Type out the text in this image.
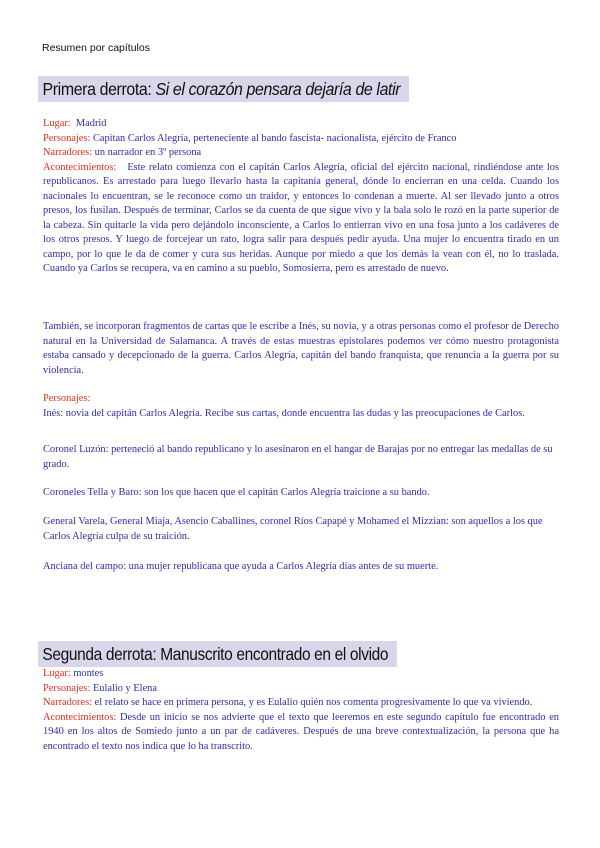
Resumen por capítulos
Primera derrota: Si el corazón pensara dejaría de latir

Lugar: Madrid

Personajes: Capitan Carlos Alegría, perteneciente al bando fascista- nacionalista, ejército de Franco

Narradores: un narrador en 3º persona

Acontecimientos: Este relato comienza con el capitán Carlos Alegría, oficial del ejército nacional, rindiéndose ante los republicanos. Es arrestado para luego llevarlo hasta la capitanía general, dónde lo encierran en una celda. Cuando los nacionales lo encuentran, se le reconoce como un traidor, y entonces lo condenan a muerte. Al ser llevado junto a otros presos, los fusilan. Después de terminar, Carlos se da cuenta de que sigue vivo y la bala solo le rozó en la parte superior de la cabeza. Sin quitarle la vida pero dejándolo inconsciente, a Carlos lo entierran vivo en una fosa junto a los cadáveres de los otros presos. Y luego de forcejear un rato, logra salir para después pedir ayuda. Una mujer lo encuentra tirado en un campo, por lo que le da de comer y cura sus heridas. Aunque por miedo a que los demás la vean con él, no lo traslada. Cuando ya Carlos se recupera, va en camino a su pueblo, Somosierra, pero es arrestado de nuevo.

También, se incorporan fragmentos de cartas que le escribe a Inés, su novia, y a otras personas como el profesor de Derecho natural en la Universidad de Salamanca. A través de estas muestras epistolares podemos ver cómo nuestro protagonista estaba cansado y decepcionado de la guerra. Carlos Alegría, capitán del bando franquista, que renuncia a la guerra por su violencia.

Personajes:

Inés: novia del capitán Carlos Alegría. Recibe sus cartas, donde encuentra las dudas y las preocupaciones de Carlos.

Coronel Luzón: perteneció al bando republicano y lo asesinaron en el hangar de Barajas por no entregar las medallas de su grado.
Coroneles Tella y Baro: son los que hacen que el capitán Carlos Alegría traicione a su bando.
General Varela, General Miaja, Asencio Caballines, coronel Ríos Capapé y Mohamed el Mizzian: son aquellos a los que Carlos Alegría culpa de su traición.
Anciana del campo: una mujer republicana que ayuda a Carlos Alegría días antes de su muerte.
Segunda derrota: Manuscrito encontrado en el olvido

Lugar: montes

Personajes: Eulalio y Elena

Narradores: el relato se hace en primera persona, y es Eulalio quién nos comenta progresivamente lo que va viviendo.

Acontecimientos: Desde un inicio se nos advierte que el texto que leeremos en este segundo capítulo fue encontrado en 1940 en los altos de Somiedo junto a un par de cadáveres. Después de una breve contextualización, la persona que ha encontrado el texto nos indica que lo ha transcrito.
